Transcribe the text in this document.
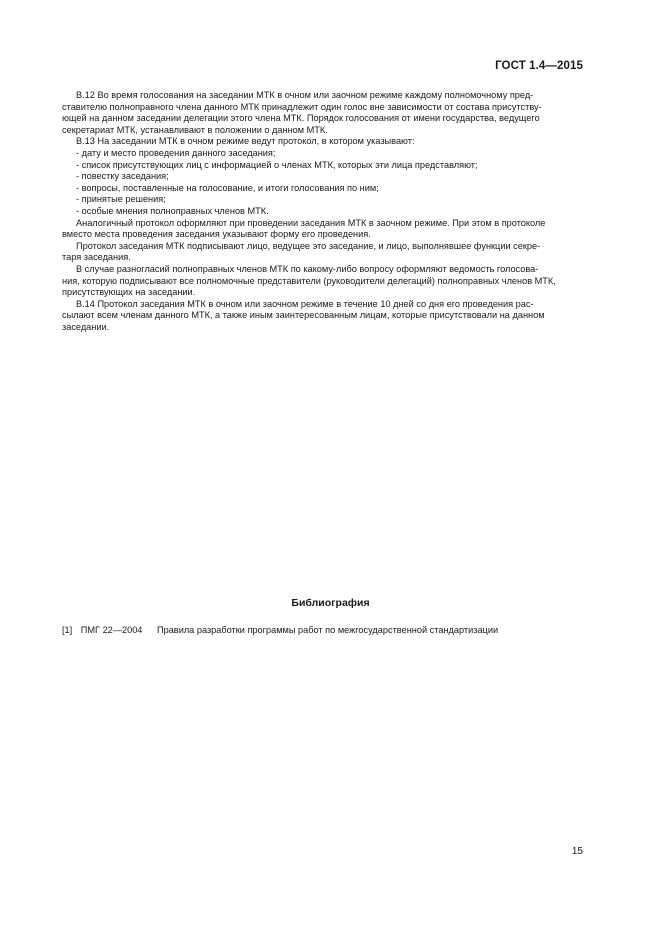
ГОСТ 1.4—2015

В.12 Во время голосования на заседании МТК в очном или заочном режиме каждому полномочному пред-

ставителю полноправного члена данного МТК принадлежит один голос вне зависимости от состава присутству-

ющей на данном заседании делегации этого члена МТК. Порядок голосования от имени государства, ведущего

секретариат МТК, устанавливают в положении о данном МТК.

В.13 На заседании МТК в очном режиме ведут протокол, в котором указывают:

- дату и место проведения данного заседания;

- список присутствующих лиц с информацией о членах МТК, которых эти лица представляют;

- повестку заседания;

- вопросы, поставленные на голосование, и итоги голосования по ним;

- принятые решения;

- особые мнения полноправных членов МТК.

Аналогичный протокол оформляют при проведении заседания МТК в заочном режиме. При этом в протоколе

вместо места проведения заседания указывают форму его проведения.

Протокол заседания МТК подписывают лицо, ведущее это заседание, и лицо, выполнявшее функции секре-

таря заседания.

В случае разногласий полноправных членов МТК по какому-либо вопросу оформляют ведомость голосова-

ния, которую подписывают все полномочные представители (руководители делегаций) полноправных членов МТК,

присутствующих на заседании.

В.14 Протокол заседания МТК в очном или заочном режиме в течение 10 дней со дня его проведения рас-

сылают всем членам данного МТК, а также иным заинтересованным лицам, которые присутствовали на данном

заседании.

Библиография
[1] ПМГ 22—2004 Правила разработки программы работ по межгосударственной стандартизации
15
